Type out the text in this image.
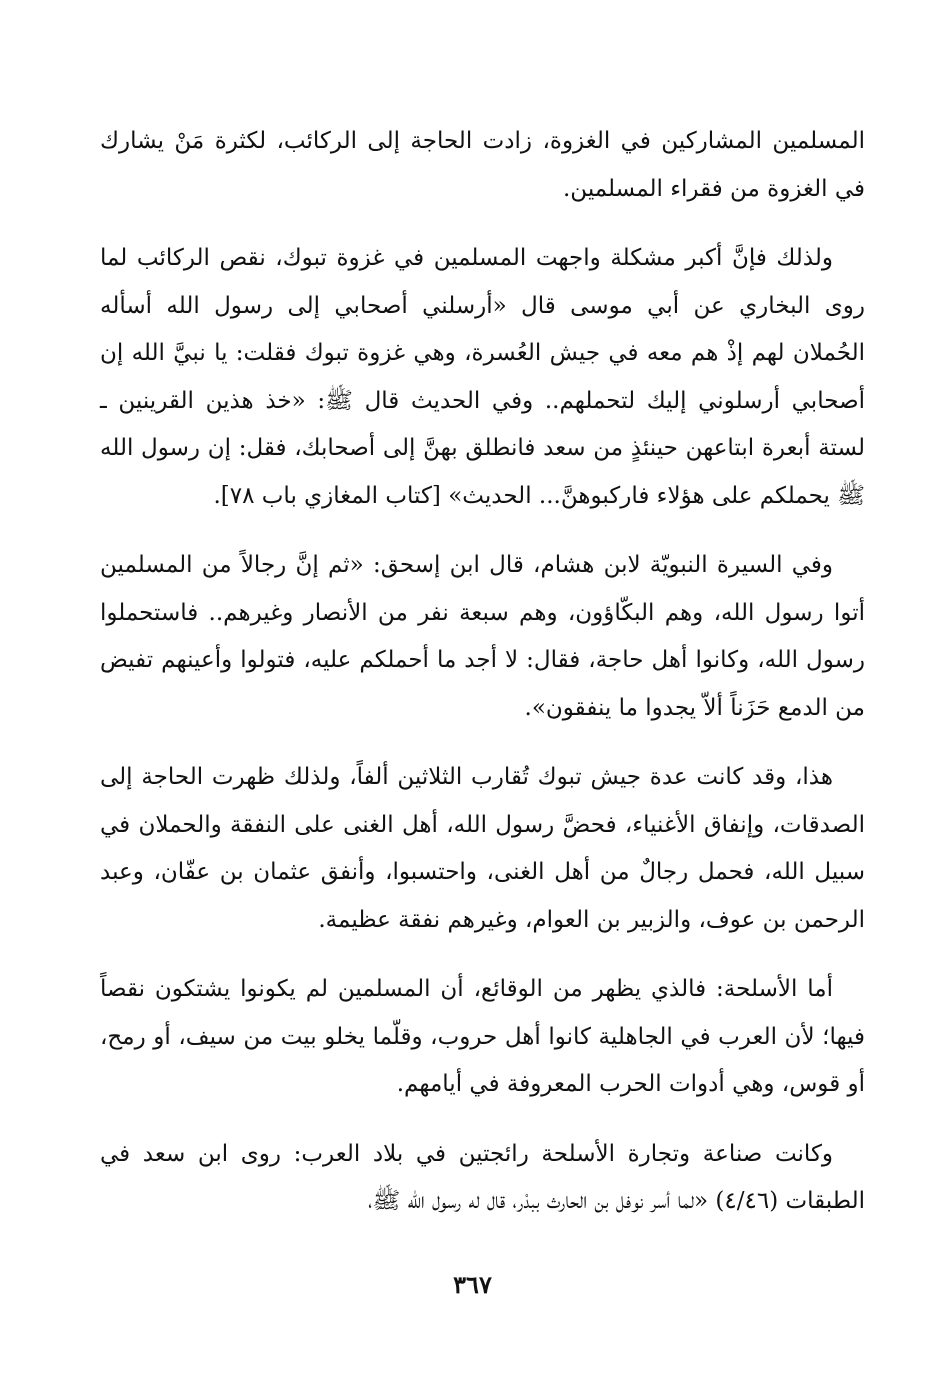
المسلمين المشاركين في الغزوة، زادت الحاجة إلى الركائب، لكثرة مَنْ يشارك في الغزوة من فقراء المسلمين.

ولذلك فإنَّ أكبر مشكلة واجهت المسلمين في غزوة تبوك، نقص الركائب لما روى البخاري عن أبي موسى قال «أرسلني أصحابي إلى رسول الله أسأله الحُملان لهم إذْ هم معه في جيش العُسرة، وهي غزوة تبوك فقلت: يا نبيَّ الله إن أصحابي أرسلوني إليك لتحملهم.. وفي الحديث قال ﷺ: «خذ هذين القرينين ـ لستة أبعرة ابتاعهن حينئذٍ من سعد فانطلق بهنَّ إلى أصحابك، فقل: إن رسول الله ﷺ يحملكم على هؤلاء فاركبوهنَّ... الحديث» [كتاب المغازي باب ٧٨].

وفي السيرة النبويّة لابن هشام، قال ابن إسحق: «ثم إنَّ رجالاً من المسلمين أتوا رسول الله، وهم البكّاؤون، وهم سبعة نفر من الأنصار وغيرهم.. فاستحملوا رسول الله، وكانوا أهل حاجة، فقال: لا أجد ما أحملكم عليه، فتولوا وأعينهم تفيض من الدمع حَزَناً ألاّ يجدوا ما ينفقون».

هذا، وقد كانت عدة جيش تبوك تُقارب الثلاثين ألفاً، ولذلك ظهرت الحاجة إلى الصدقات، وإنفاق الأغنياء، فحضَّ رسول الله، أهل الغنى على النفقة والحملان في سبيل الله، فحمل رجالٌ من أهل الغنى، واحتسبوا، وأنفق عثمان بن عفّان، وعبد الرحمن بن عوف، والزبير بن العوام، وغيرهم نفقة عظيمة.

أما الأسلحة: فالذي يظهر من الوقائع، أن المسلمين لم يكونوا يشتكون نقصاً فيها؛ لأن العرب في الجاهلية كانوا أهل حروب، وقلّما يخلو بيت من سيف، أو رمح، أو قوس، وهي أدوات الحرب المعروفة في أيامهم.

وكانت صناعة وتجارة الأسلحة رائجتين في بلاد العرب: روى ابن سعد في الطبقات (٤/٤٦) «لما أسر نوفل بن الحارث ببدْر، قال له رسول الله ﷺ،

٣٦٧
